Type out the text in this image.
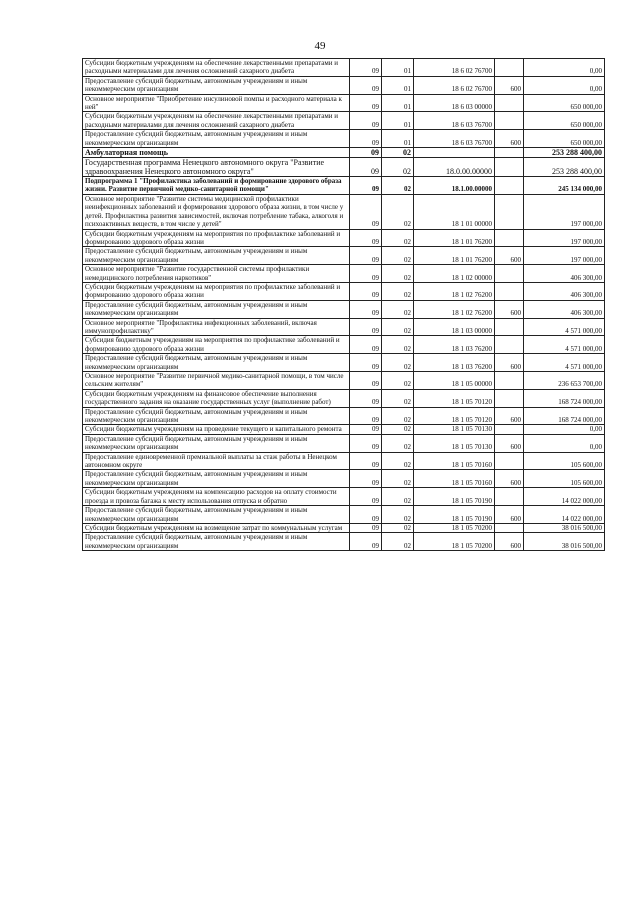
49
Субсидии бюджетным учреждениям на обеспечение лекарственными препаратами и расходными материалами для лечения осложнений сахарного диабета	09	01	18 6 02 76700		0,00
Предоставление субсидий бюджетным, автономным учреждениям и иным некоммерческим организациям	09	01	18 6 02 76700	600	0,00
Основное мероприятие "Приобретение инсулиновой помпы и расходного материала к ней"	09	01	18 6 03 00000		650 000,00
Субсидии бюджетным учреждениям на обеспечение лекарственными препаратами и расходными материалами для лечения осложнений сахарного диабета	09	01	18 6 03 76700		650 000,00
Предоставление субсидий бюджетным, автономным учреждениям и иным некоммерческим организациям	09	01	18 6 03 76700	600	650 000,00
Амбулаторная помощь	09	02			253 288 400,00
Государственная программа Ненецкого автономного округа "Развитие здравоохранения Ненецкого автономного округа"	09	02	18.0.00.00000		253 288 400,00
Подпрограмма 1 "Профилактика заболеваний и формирование здорового образа жизни. Развитие первичной медико-санитарной помощи"	09	02	18.1.00.00000		245 134 000,00
Основное мероприятие "Развитие системы медицинской профилактики неинфекционных заболеваний и формирования здорового образа жизни, в том числе у детей. Профилактика развития зависимостей, включая потребление табака, алкоголя и психоактивных веществ, в том числе у детей"	09	02	18 1 01 00000		197 000,00
Субсидии бюджетным учреждениям на мероприятия по профилактике заболеваний и формированию здорового образа жизни	09	02	18 1 01 76200		197 000,00
Предоставление субсидий бюджетным, автономным учреждениям и иным некоммерческим организациям	09	02	18 1 01 76200	600	197 000,00
Основное мероприятие "Развитие государственной системы профилактики немедицинского потребления наркотиков"	09	02	18 1 02 00000		406 300,00
Субсидии бюджетным учреждениям на мероприятия по профилактике заболеваний и формированию здорового образа жизни	09	02	18 1 02 76200		406 300,00
Предоставление субсидий бюджетным, автономным учреждениям и иным некоммерческим организациям	09	02	18 1 02 76200	600	406 300,00
Основное мероприятие "Профилактика инфекционных заболеваний, включая иммунопрофилактику"	09	02	18 1 03 00000		4 571 000,00
Субсидия бюджетным учреждениям на мероприятия по профилактике заболеваний и формированию здорового образа жизни	09	02	18 1 03 76200		4 571 000,00
Предоставление субсидий бюджетным, автономным учреждениям и иным некоммерческим организациям	09	02	18 1 03 76200	600	4 571 000,00
Основное мероприятие "Развитие первичной медико-санитарной помощи, в том числе сельским жителям"	09	02	18 1 05 00000		236 653 700,00
Субсидии бюджетным учреждениям на финансовое обеспечение выполнения государственного задания на оказание государственных услуг (выполнение работ)	09	02	18 1 05 70120		168 724 000,00
Предоставление субсидий бюджетным, автономным учреждениям и иным некоммерческим организациям	09	02	18 1 05 70120	600	168 724 000,00
Субсидии бюджетным учреждениям на проведение текущего и капитального ремонта	09	02	18 1 05 70130		0,00
Предоставление субсидий бюджетным, автономным учреждениям и иным некоммерческим организациям	09	02	18 1 05 70130	600	0,00
Предоставление единовременной премиальной выплаты за стаж работы в Ненецком автономном округе	09	02	18 1 05 70160		105 600,00
Предоставление субсидий бюджетным, автономным учреждениям и иным некоммерческим организациям	09	02	18 1 05 70160	600	105 600,00
Субсидии бюджетным учреждениям на компенсацию расходов на оплату стоимости проезда и провоза багажа к месту использования отпуска и обратно	09	02	18 1 05 70190		14 022 000,00
Предоставление субсидий бюджетным, автономным учреждениям и иным некоммерческим организациям	09	02	18 1 05 70190	600	14 022 000,00
Субсидии бюджетным учреждениям на возмещение затрат по коммунальным услугам	09	02	18 1 05 70200		38 016 500,00
Предоставление субсидий бюджетным, автономным учреждениям и иным некоммерческим организациям	09	02	18 1 05 70200	600	38 016 500,00
